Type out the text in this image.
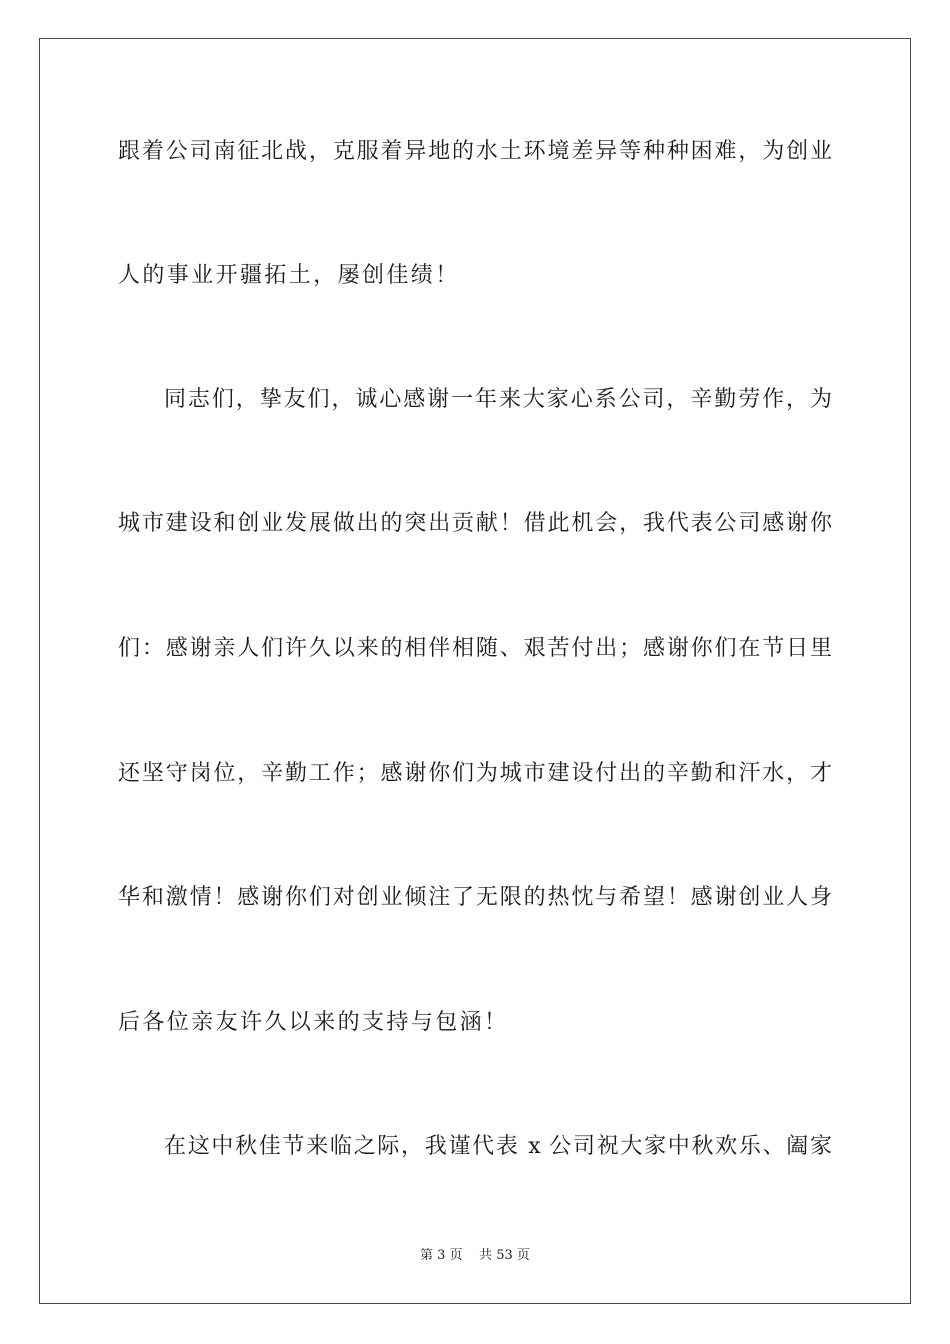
跟着公司南征北战，克服着异地的水土环境差异等种种困难，为创业
人的事业开疆拓土，屡创佳绩！
同志们，挚友们，诚心感谢一年来大家心系公司，辛勤劳作，为
城市建设和创业发展做出的突出贡献！借此机会，我代表公司感谢你
们：感谢亲人们许久以来的相伴相随、艰苦付出；感谢你们在节日里
还坚守岗位，辛勤工作；感谢你们为城市建设付出的辛勤和汗水，才
华和激情！感谢你们对创业倾注了无限的热忱与希望！感谢创业人身
后各位亲友许久以来的支持与包涵！
在这中秋佳节来临之际，我谨代表 x 公司祝大家中秋欢乐、阖家
第 3 页 共 53 页
